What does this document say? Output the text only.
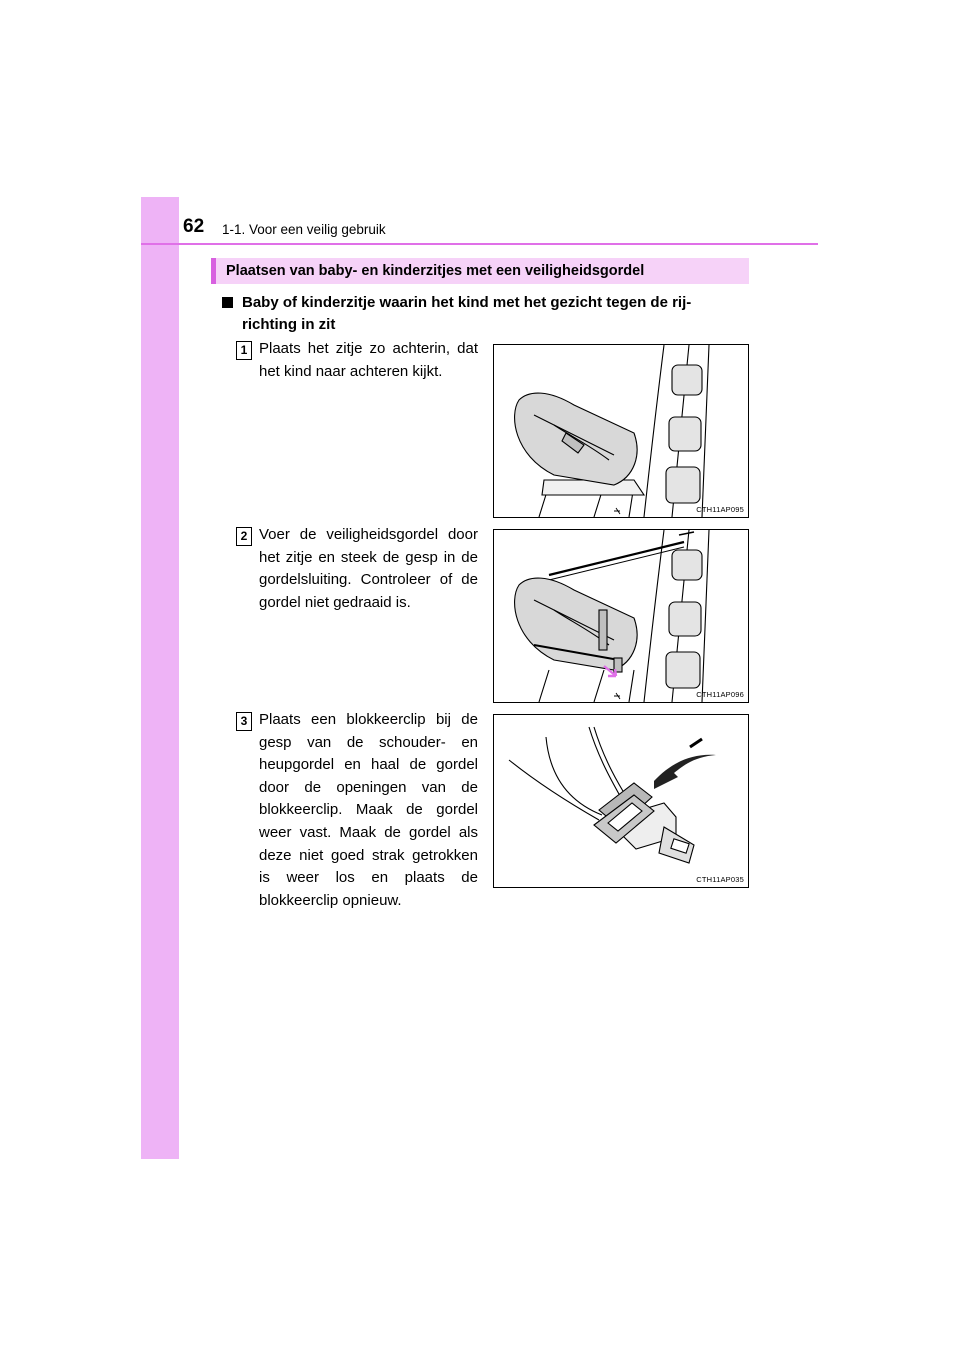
62 1-1. Voor een veilig gebruik
Plaatsen van baby- en kinderzitjes met een veiligheidsgordel
Baby of kinderzitje waarin het kind met het gezicht tegen de rij-
richting in zit
1 Plaats het zitje zo achterin, dat het kind naar achteren kijkt.
CTH11AP095
2 Voer de veiligheidsgordel door het zitje en steek de gesp in de gordelsluiting. Controleer of de gordel niet gedraaid is.
CTH11AP096
3 Plaats een blokkeerclip bij de gesp van de schouder- en heupgordel en haal de gordel door de openingen van de blokkeerclip. Maak de gordel weer vast. Maak de gordel als deze niet goed strak getrokken is weer los en plaats de blokkeerclip opnieuw.
CTH11AP035
